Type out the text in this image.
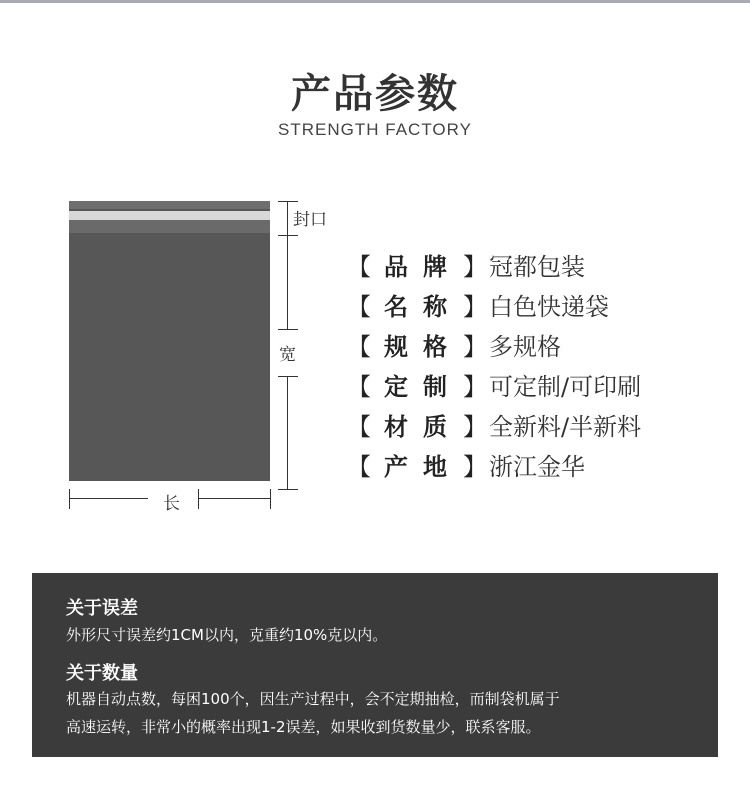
产品参数
STRENGTH FACTORY
封口
宽
长
【 品牌 】 冠都包装
【 名称 】 白色快递袋
【 规格 】 多规格
【 定制 】 可定制/可印刷
【 材质 】 全新料/半新料
【 产地 】 浙江金华
关于误差
外形尺寸误差约1CM以内，克重约10%克以内。
关于数量
机器自动点数，每困100个，因生产过程中，会不定期抽检，而制袋机属于
高速运转，非常小的概率出现1-2误差，如果收到货数量少，联系客服。
